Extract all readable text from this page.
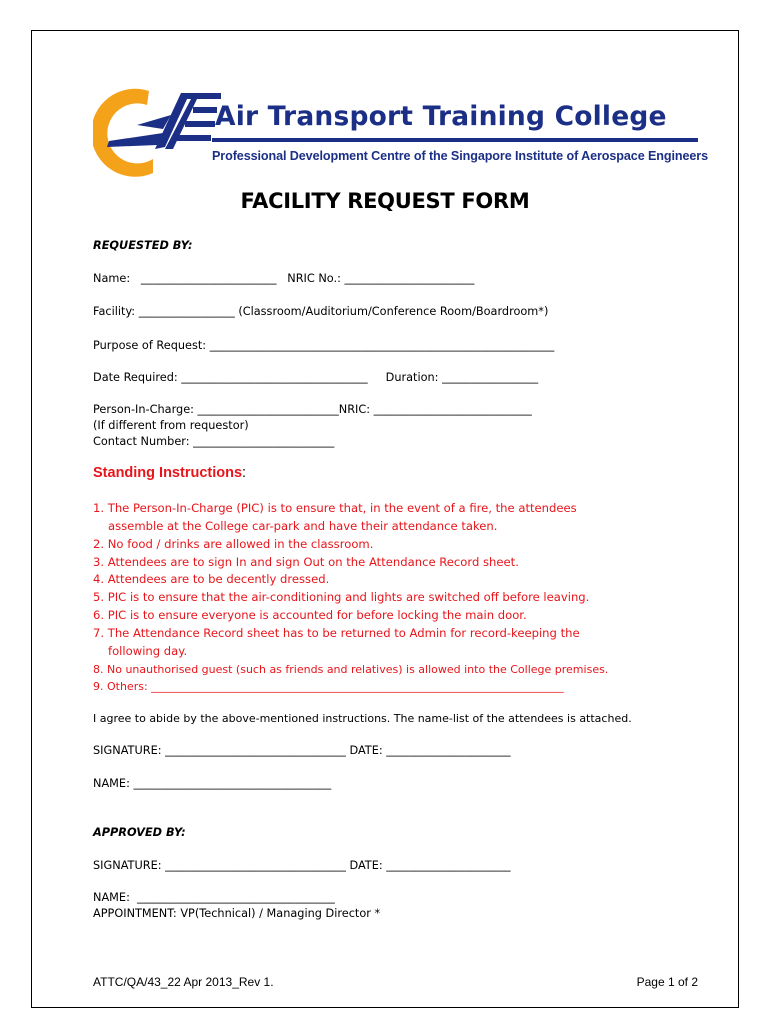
Air Transport Training College
Professional Development Centre of the Singapore Institute of Aerospace Engineers
FACILITY REQUEST FORM
REQUESTED BY:
Name:   ________________________   NRIC No.: _______________________
Facility: _________________ (Classroom/Auditorium/Conference Room/Boardroom*)
Purpose of Request: _____________________________________________________________
Date Required: _________________________________     Duration: _________________
Person-In-Charge: _________________________NRIC: ____________________________
(If different from requestor)
Contact Number: _________________________
Standing Instructions:
1. The Person-In-Charge (PIC) is to ensure that, in the event of a fire, the attendees
assemble at the College car-park and have their attendance taken.
2. No food / drinks are allowed in the classroom.
3. Attendees are to sign In and sign Out on the Attendance Record sheet.
4. Attendees are to be decently dressed.
5. PIC is to ensure that the air-conditioning and lights are switched off before leaving.
6. PIC is to ensure everyone is accounted for before locking the main door.
7. The Attendance Record sheet has to be returned to Admin for record-keeping the
following day.
8. No unauthorised guest (such as friends and relatives) is allowed into the College premises.
9. Others: ___________________________________________________________________________
I agree to abide by the above-mentioned instructions. The name-list of the attendees is attached.
SIGNATURE: ________________________________ DATE: ______________________
NAME: ___________________________________
APPROVED BY:
SIGNATURE: ________________________________ DATE: ______________________
NAME:  ___________________________________
APPOINTMENT: VP(Technical) / Managing Director *
ATTC/QA/43_22 Apr 2013_Rev 1.	Page 1 of 2
